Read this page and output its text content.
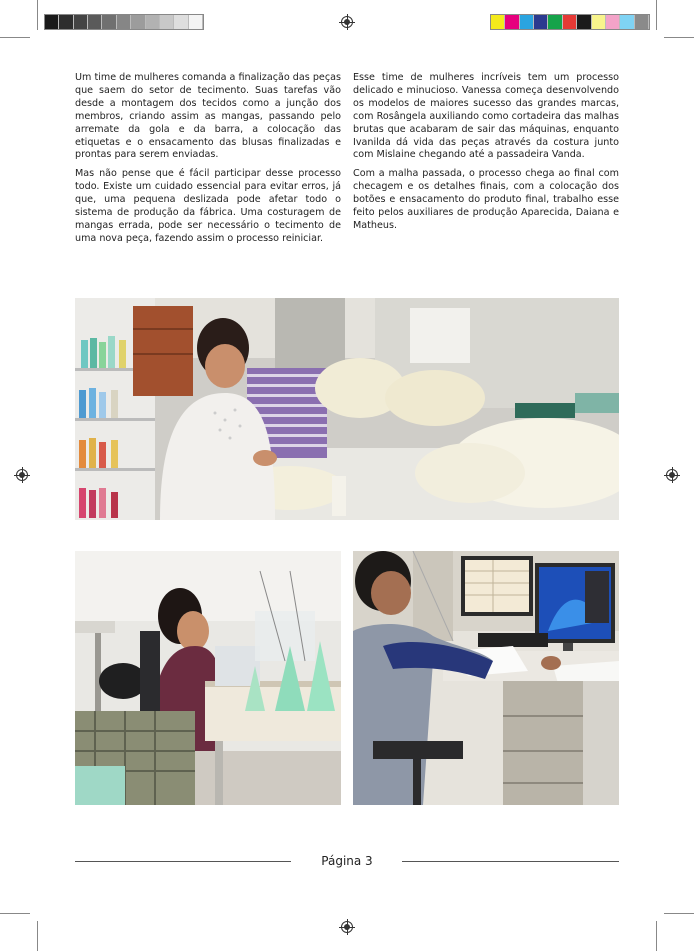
Um time de mulheres comanda a finalização das peças que saem do setor de tecimento. Suas tarefas vão desde a montagem dos tecidos como a junção dos membros, criando assim as mangas, passando pelo arremate da gola e da barra, a colocação das etiquetas e o ensacamento das blusas finalizadas e prontas para serem enviadas.

Mas não pense que é fácil participar desse processo todo. Existe um cuidado essencial para evitar erros, já que, uma pequena deslizada pode afetar todo o sistema de produção da fábrica. Uma costuragem de mangas errada, pode ser necessário o tecimento de uma nova peça, fazendo assim o processo reiniciar.

Esse time de mulheres incríveis tem um processo delicado e minucioso. Vanessa começa desenvolvendo os modelos de maiores sucesso das grandes marcas, com Rosângela auxiliando como cortadeira das malhas brutas que acabaram de sair das máquinas, enquanto Ivanilda dá vida das peças através da costura junto com Mislaine chegando até a passadeira Vanda.

Com a malha passada, o processo chega ao final com checagem e os detalhes finais, com a colocação dos botões e ensacamento do produto final, trabalho esse feito pelos auxiliares de produção Aparecida, Daiana e Matheus.

Página 3
